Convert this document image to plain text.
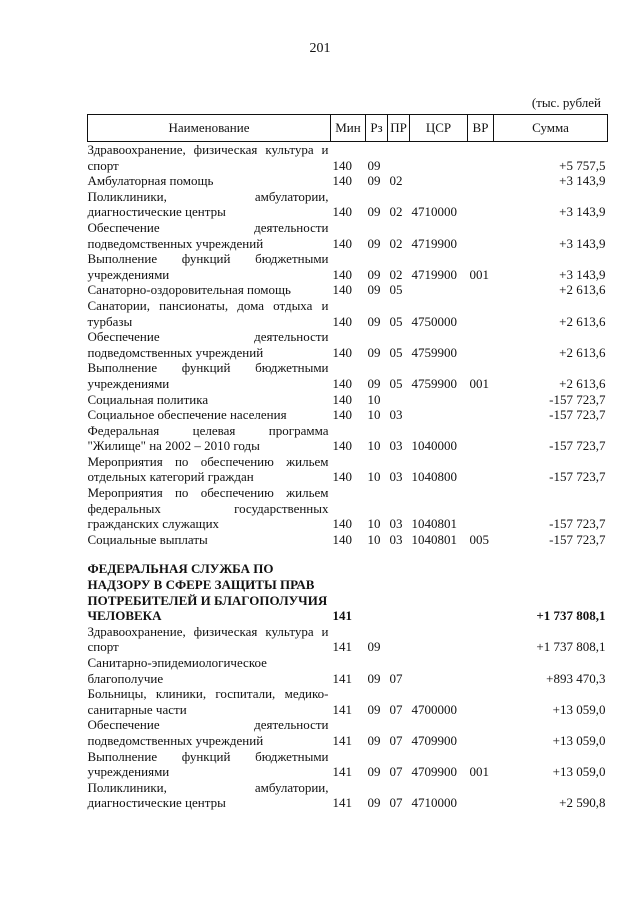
201
(тыс. рублей
Наименование	Мин	Рз	ПР	ЦСР	ВР	Сумма
Здравоохранение, физическая культура и спорт	140	09				+5 757,5
Амбулаторная помощь	140	09	02			+3 143,9
Поликлиники, амбулатории, диагностические центры	140	09	02	4710000		+3 143,9
Обеспечение деятельности подведомственных учреждений	140	09	02	4719900		+3 143,9
Выполнение функций бюджетными учреждениями	140	09	02	4719900	001	+3 143,9
Санаторно-оздоровительная помощь	140	09	05			+2 613,6
Санатории, пансионаты, дома отдыха и турбазы	140	09	05	4750000		+2 613,6
Обеспечение деятельности подведомственных учреждений	140	09	05	4759900		+2 613,6
Выполнение функций бюджетными учреждениями	140	09	05	4759900	001	+2 613,6
Социальная политика	140	10				-157 723,7
Социальное обеспечение населения	140	10	03			-157 723,7
Федеральная целевая программа "Жилище" на 2002 – 2010 годы	140	10	03	1040000		-157 723,7
Мероприятия по обеспечению жильем отдельных категорий граждан	140	10	03	1040800		-157 723,7
Мероприятия по обеспечению жильем федеральных государственных гражданских служащих	140	10	03	1040801		-157 723,7
Социальные выплаты	140	10	03	1040801	005	-157 723,7

ФЕДЕРАЛЬНАЯ СЛУЖБА ПО НАДЗОРУ В СФЕРЕ ЗАЩИТЫ ПРАВ ПОТРЕБИТЕЛЕЙ И БЛАГОПОЛУЧИЯ ЧЕЛОВЕКА	141					+1 737 808,1
Здравоохранение, физическая культура и спорт	141	09				+1 737 808,1
Санитарно-эпидемиологическое благополучие	141	09	07			+893 470,3
Больницы, клиники, госпитали, медико-санитарные части	141	09	07	4700000		+13 059,0
Обеспечение деятельности подведомственных учреждений	141	09	07	4709900		+13 059,0
Выполнение функций бюджетными учреждениями	141	09	07	4709900	001	+13 059,0
Поликлиники, амбулатории, диагностические центры	141	09	07	4710000		+2 590,8
